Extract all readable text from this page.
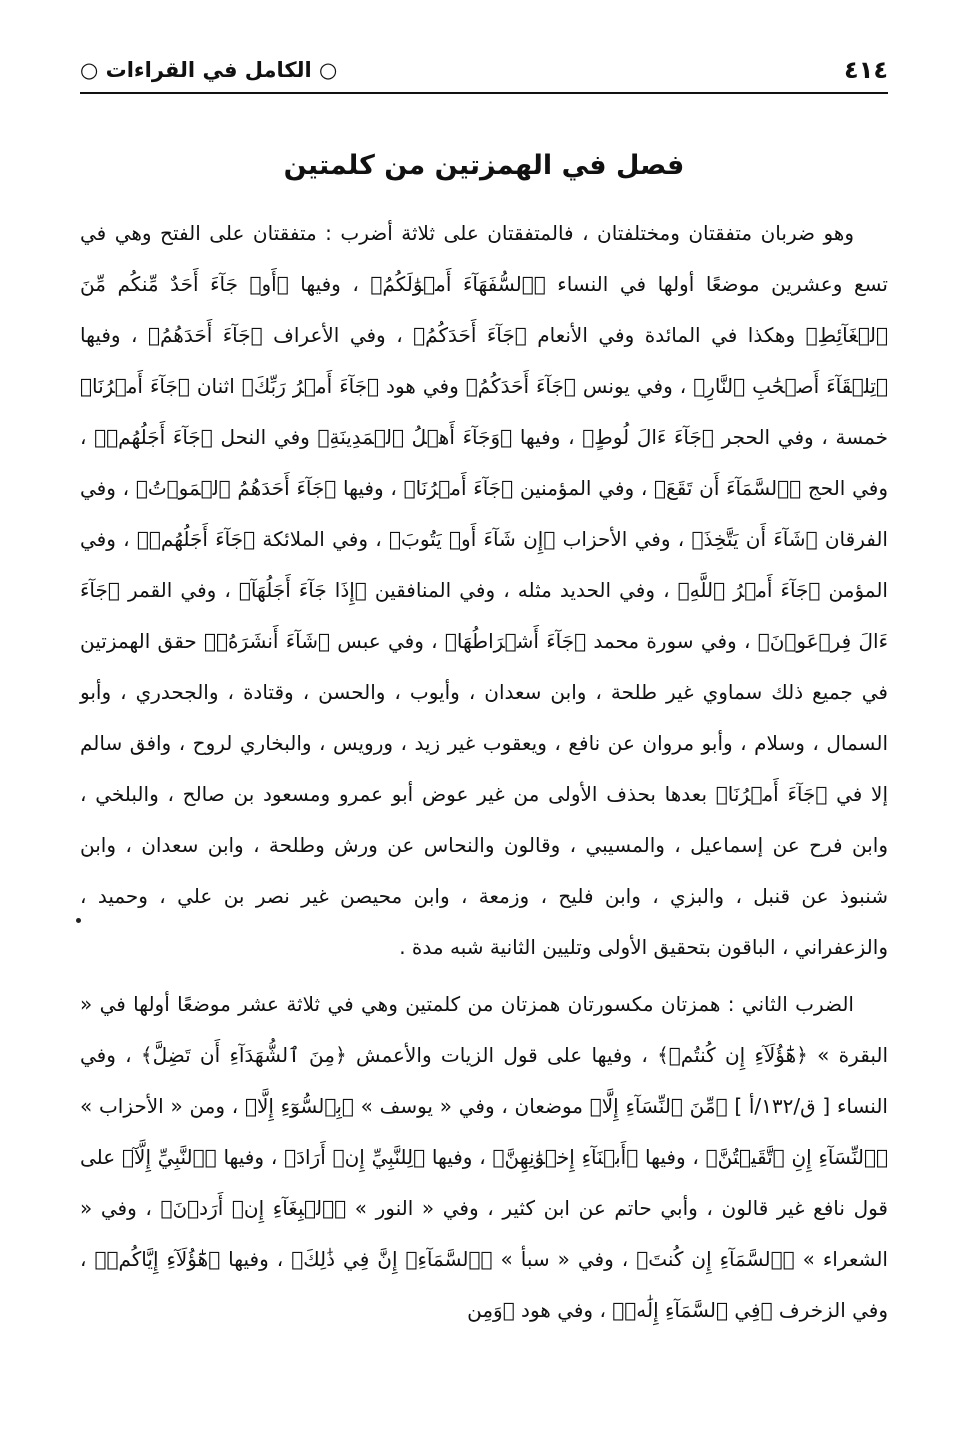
٤١٤
○ الكامل في القراءات ○
فصل في الهمزتين من كلمتين

وهو ضربان متفقتان ومختلفتان ، فالمتفقتان على ثلاثة أضرب : متفقتان على الفتح وهي في تسع وعشرين موضعًا أولها في النساء ﴿ٱلسُّفَهَآءَ أَمۡوَٰلَكُمُ﴾ ، وفيها ﴿أَوۡ جَآءَ أَحَدٌ مِّنكُم مِّنَ ٱلۡغَآئِطِ﴾ وهكذا في المائدة وفي الأنعام ﴿جَآءَ أَحَدَكُمُ﴾ ، وفي الأعراف ﴿جَآءَ أَحَدَهُمُ﴾ ، وفيها ﴿تِلۡقَآءَ أَصۡحَٰبِ ٱلنَّارِ﴾ ، وفي يونس ﴿جَآءَ أَحَدَكُمُ﴾ وفي هود ﴿جَآءَ أَمۡرُ رَبِّكَ﴾ اثنان ﴿جَآءَ أَمۡرُنَا﴾ خمسة ، وفي الحجر ﴿جَآءَ ءَالَ لُوطٍ﴾ ، وفيها ﴿وَجَآءَ أَهۡلُ ٱلۡمَدِينَةِ﴾ وفي النحل ﴿جَآءَ أَجَلُهُمۡ﴾ ، وفي الحج ﴿ٱلسَّمَآءَ أَن تَقَعَ﴾ ، وفي المؤمنين ﴿جَآءَ أَمۡرُنَا﴾ ، وفيها ﴿جَآءَ أَحَدَهُمُ ٱلۡمَوۡتُ﴾ ، وفي الفرقان ﴿شَآءَ أَن يَتَّخِذَ﴾ ، وفي الأحزاب ﴿إِن شَآءَ أَوۡ يَتُوبَ﴾ ، وفي الملائكة ﴿جَآءَ أَجَلُهُمۡ﴾ ، وفي المؤمن ﴿جَآءَ أَمۡرُ ٱللَّهِ﴾ ، وفي الحديد مثله ، وفي المنافقين ﴿إِذَا جَآءَ أَجَلُهَآ﴾ ، وفي القمر ﴿جَآءَ ءَالَ فِرۡعَوۡنَ﴾ ، وفي سورة محمد ﴿جَآءَ أَشۡرَاطُهَا﴾ ، وفي عبس ﴿شَآءَ أَنشَرَهُۥ﴾ حقق الهمزتين في جميع ذلك سماوي غير طلحة ، وابن سعدان ، وأيوب ، والحسن ، وقتادة ، والجحدري ، وأبو السمال ، وسلام ، وأبو مروان عن نافع ، ويعقوب غير زيد ، ورويس ، والبخاري لروح ، وافق سالم إلا في ﴿جَآءَ أَمۡرُنَا﴾ بعدها بحذف الأولى من غير عوض أبو عمرو ومسعود بن صالح ، والبلخي ، وابن فرح عن إسماعيل ، والمسيبي ، وقالون والنحاس عن ورش وطلحة ، وابن سعدان ، وابن شنبوذ عن قنبل ، والبزي ، وابن فليح ، وزمعة ، وابن محيصن غير نصر بن علي ، وحميد ، والزعفراني ، الباقون بتحقيق الأولى وتليين الثانية شبه مدة .

الضرب الثاني : همزتان مكسورتان همزتان من كلمتين وهي في ثلاثة عشر موضعًا أولها في « البقرة » ﴿هَٰٓؤُلَآءِ إِن كُنتُمۡ﴾ ، وفيها على قول الزيات والأعمش ﴿مِنَ ٱلشُّهَدَآءِ أَن تَضِلَّ﴾ ، وفي النساء [ ق/١٣٢/أ ] ﴿مِّنَ ٱلنِّسَآءِ إِلَّا﴾ موضعان ، وفي « يوسف » ﴿بِٱلسُّوٓءِ إِلَّا﴾ ، ومن « الأحزاب » ﴿ٱلنِّسَآءِ إِنِ ٱتَّقَيۡتُنَّ﴾ ، وفيها ﴿أَبۡنَآءِ إِخۡوَٰنِهِنَّ﴾ ، وفيها ﴿لِلنَّبِيِّ إِنۡ أَرَادَ﴾ ، وفيها ﴿ٱلنَّبِيِّ إِلَّآ﴾ على قول نافع غير قالون ، وأبي حاتم عن ابن كثير ، وفي « النور » ﴿ٱلۡبِغَآءِ إِنۡ أَرَدۡنَ﴾ ، وفي « الشعراء » ﴿ٱلسَّمَآءِ إِن كُنتَ﴾ ، وفي « سبأ » ﴿ٱلسَّمَآءِۚ إِنَّ فِي ذَٰلِكَ﴾ ، وفيها ﴿هَٰٓؤُلَآءِ إِيَّاكُمۡ﴾ ، وفي الزخرف ﴿فِي ٱلسَّمَآءِ إِلَٰهٞ﴾ ، وفي هود ﴿وَمِن
